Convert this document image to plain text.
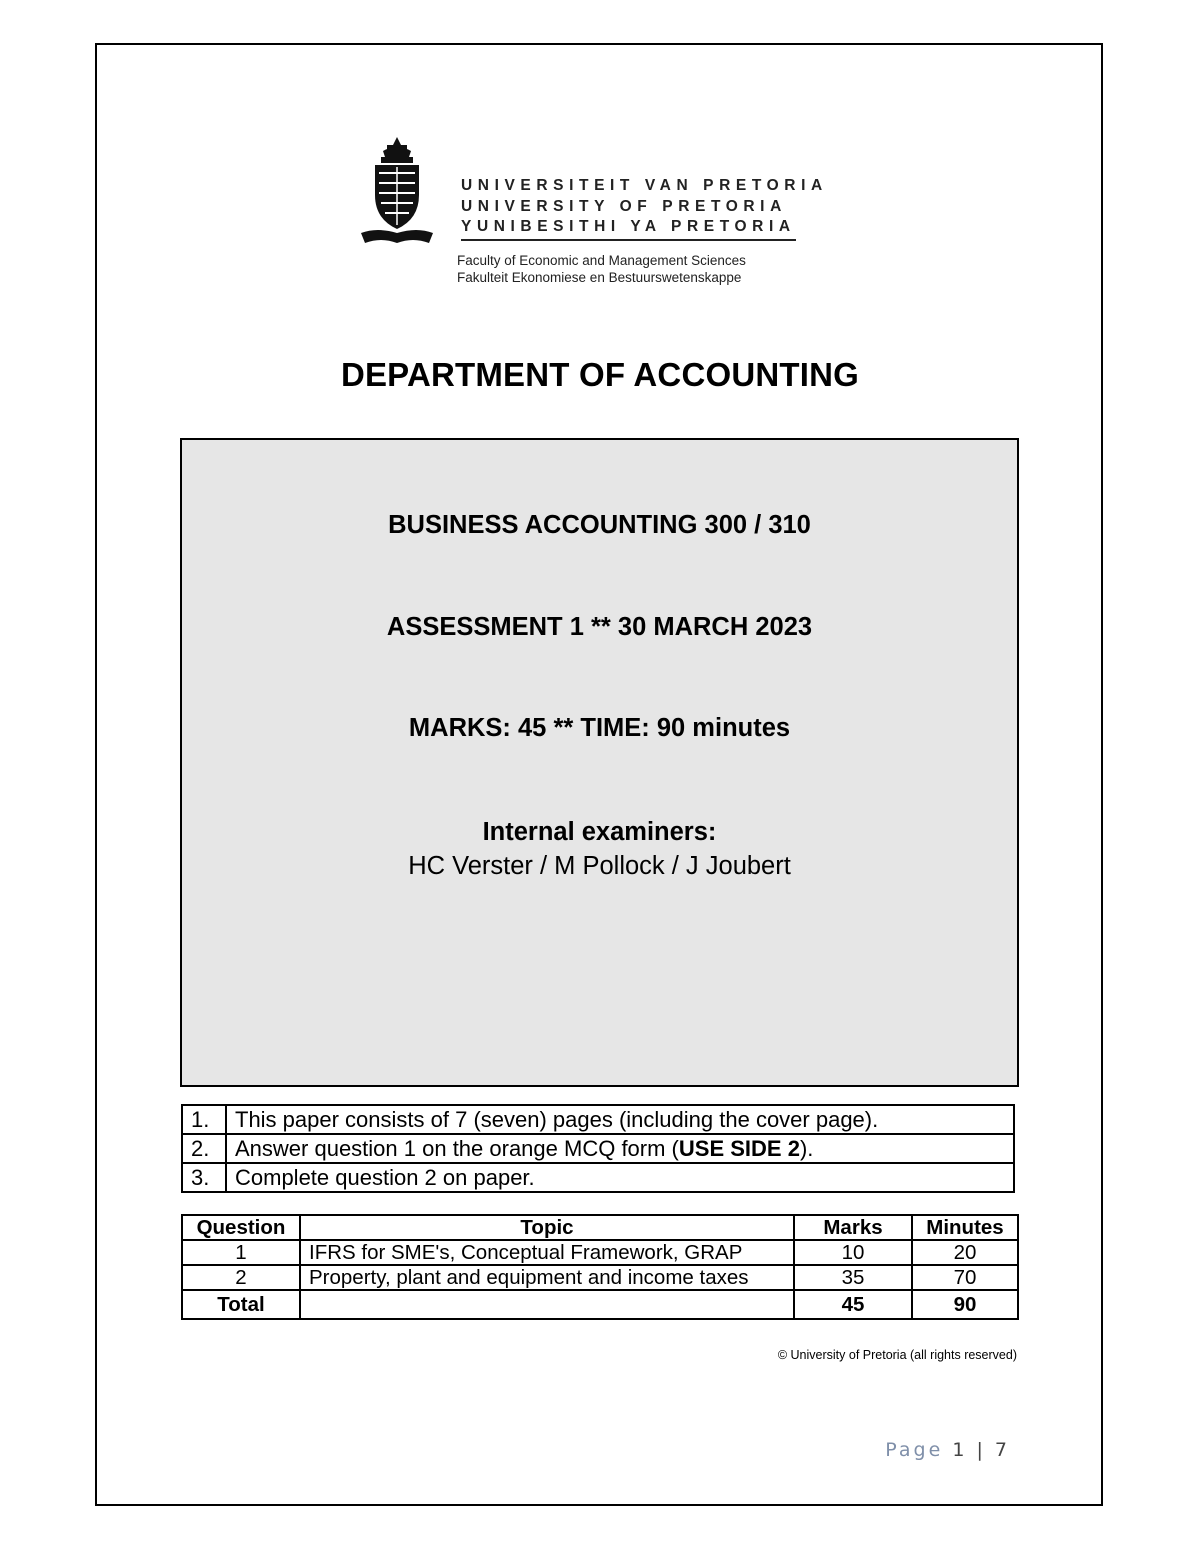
UNIVERSITEIT VAN PRETORIA
UNIVERSITY OF PRETORIA
YUNIBESITHI YA PRETORIA
Faculty of Economic and Management Sciences
Fakulteit Ekonomiese en Bestuurswetenskappe
DEPARTMENT OF ACCOUNTING
BUSINESS ACCOUNTING 300 / 310
ASSESSMENT 1 ** 30 MARCH 2023
MARKS: 45 ** TIME: 90 minutes
Internal examiners:
HC Verster / M Pollock / J Joubert
1.	This paper consists of 7 (seven) pages (including the cover page).
2.	Answer question 1 on the orange MCQ form (USE SIDE 2).
3.	Complete question 2 on paper.
Question	Topic	Marks	Minutes
1	IFRS for SME's, Conceptual Framework, GRAP	10	20
2	Property, plant and equipment and income taxes	35	70
Total		45	90
© University of Pretoria (all rights reserved)
Page 1 | 7
